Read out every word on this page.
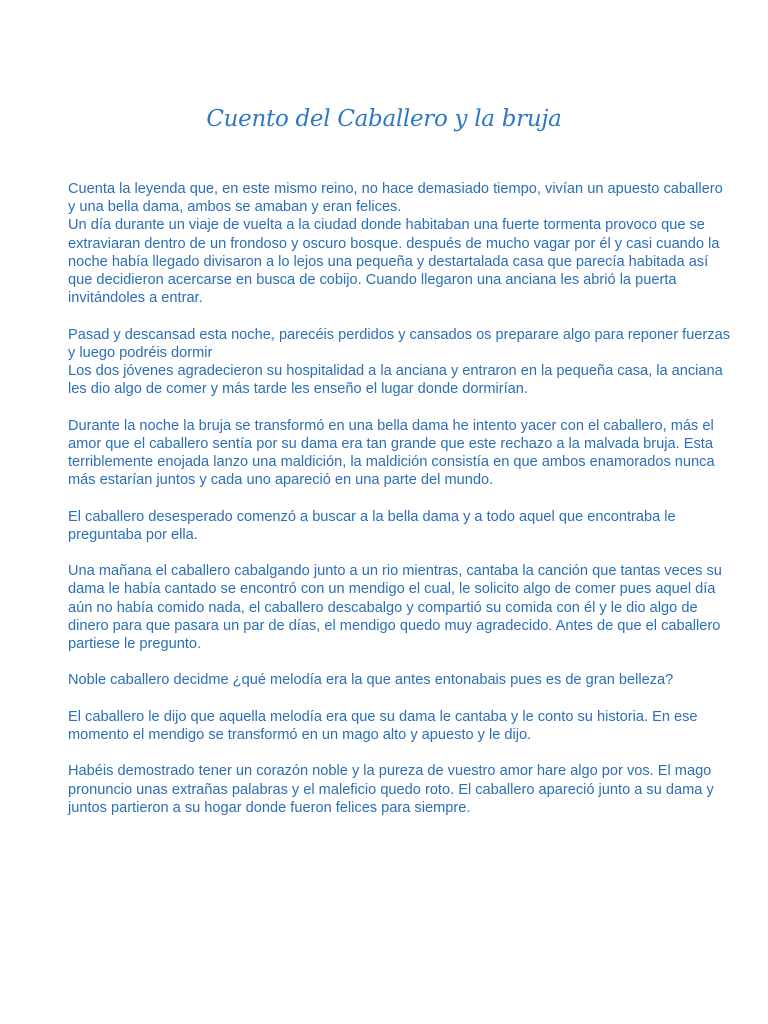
Cuento del Caballero y la bruja

Cuenta la leyenda que, en este mismo reino, no hace demasiado tiempo, vivían un apuesto caballero
y una bella dama, ambos se amaban y eran felices.
Un día durante un viaje de vuelta a la ciudad donde habitaban una fuerte tormenta provoco que se
extraviaran dentro de un frondoso y oscuro bosque. después de mucho vagar por él y casi cuando la
noche había llegado divisaron a lo lejos una pequeña y destartalada casa que parecía habitada así
que decidieron acercarse en busca de cobijo. Cuando llegaron una anciana les abrió la puerta
invitándoles a entrar.

Pasad y descansad esta noche, parecéis perdidos y cansados os preparare algo para reponer fuerzas
y luego podréis dormir
Los dos jóvenes agradecieron su hospitalidad a la anciana y entraron en la pequeña casa, la anciana
les dio algo de comer y más tarde les enseño el lugar donde dormirían.

Durante la noche la bruja se transformó en una bella dama he intento yacer con el caballero, más el
amor que el caballero sentía por su dama era tan grande que este rechazo a la malvada bruja. Esta
terriblemente enojada lanzo una maldición, la maldición consistía en que ambos enamorados nunca
más estarían juntos y cada uno apareció en una parte del mundo.

El caballero desesperado comenzó a buscar a la bella dama y a todo aquel que encontraba le
preguntaba por ella.

Una mañana el caballero cabalgando junto a un rio mientras, cantaba la canción que tantas veces su
dama le había cantado se encontró con un mendigo el cual, le solicito algo de comer pues aquel día
aún no había comido nada, el caballero descabalgo y compartió su comida con él y le dio algo de
dinero para que pasara un par de días, el mendigo quedo muy agradecido. Antes de que el caballero
partiese le pregunto.

Noble caballero decidme ¿qué melodía era la que antes entonabais pues es de gran belleza?

El caballero le dijo que aquella melodía era que su dama le cantaba y le conto su historia. En ese
momento el mendigo se transformó en un mago alto y apuesto y le dijo.

Habéis demostrado tener un corazón noble y la pureza de vuestro amor hare algo por vos. El mago
pronuncio unas extrañas palabras y el maleficio quedo roto. El caballero apareció junto a su dama y
juntos partieron a su hogar donde fueron felices para siempre.
